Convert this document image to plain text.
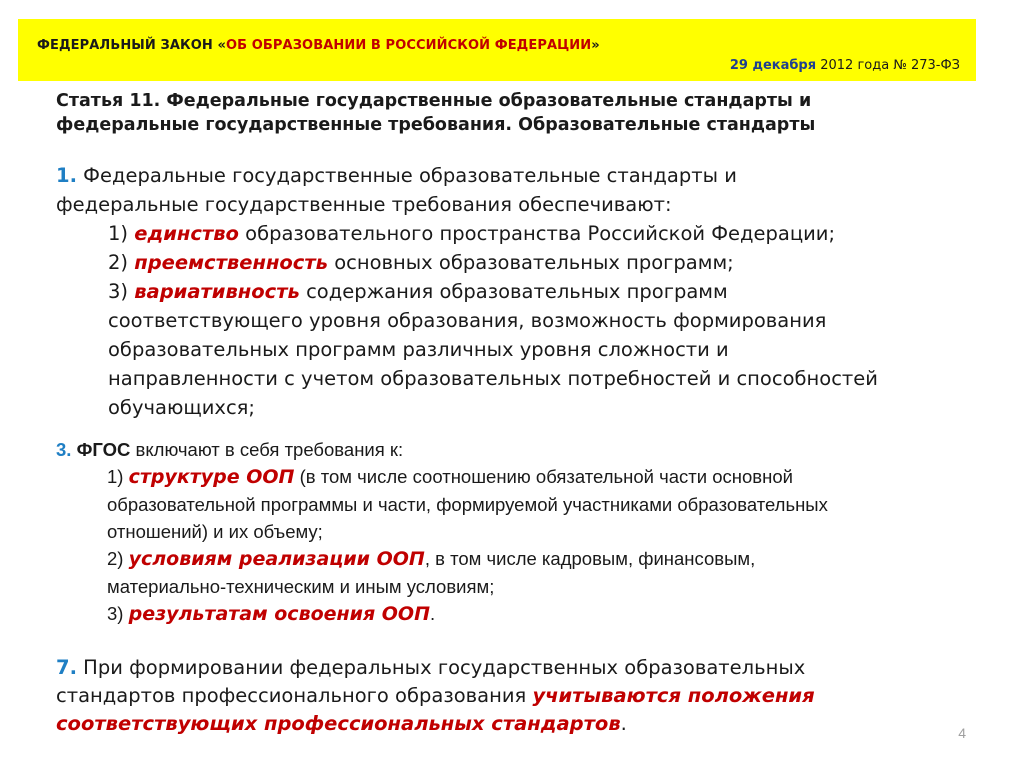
ФЕДЕРАЛЬНЫЙ ЗАКОН «ОБ ОБРАЗОВАНИИ В РОССИЙСКОЙ ФЕДЕРАЦИИ»
29 декабря 2012 года № 273-ФЗ
Статья 11. Федеральные государственные образовательные стандарты и
федеральные государственные требования. Образовательные стандарты
1. Федеральные государственные образовательные стандарты и
федеральные государственные требования обеспечивают:
1) единство образовательного пространства Российской Федерации;
2) преемственность основных образовательных программ;
3) вариативность содержания образовательных программ
соответствующего уровня образования, возможность формирования
образовательных программ различных уровня сложности и
направленности с учетом образовательных потребностей и способностей
обучающихся;
3. ФГОС включают в себя требования к:
1) структуре ООП (в том числе соотношению обязательной части основной
образовательной программы и части, формируемой участниками образовательных
отношений) и их объему;
2) условиям реализации ООП, в том числе кадровым, финансовым,
материально-техническим и иным условиям;
3) результатам освоения ООП.
7. При формировании федеральных государственных образовательных
стандартов профессионального образования учитываются положения
соответствующих профессиональных стандартов.	4
